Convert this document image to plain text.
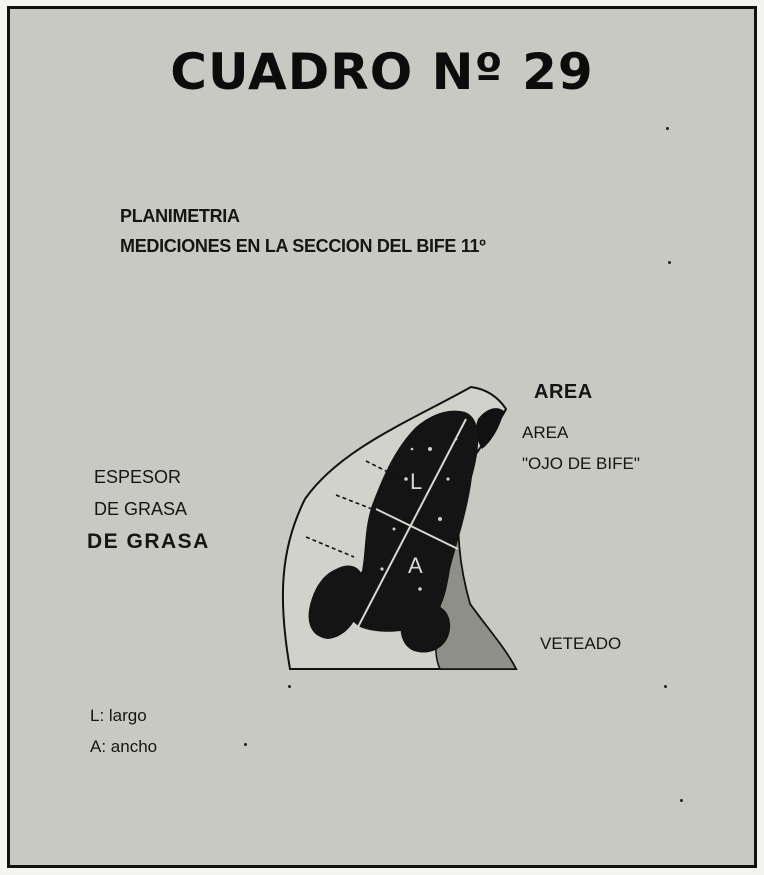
CUADRO Nº 29
PLANIMETRIA
MEDICIONES EN LA SECCION DEL BIFE 11º
AREA
AREA
"OJO DE BIFE"
ESPESOR
DE GRASA
DE GRASA
VETEADO
L: largo
A: ancho
L
A
